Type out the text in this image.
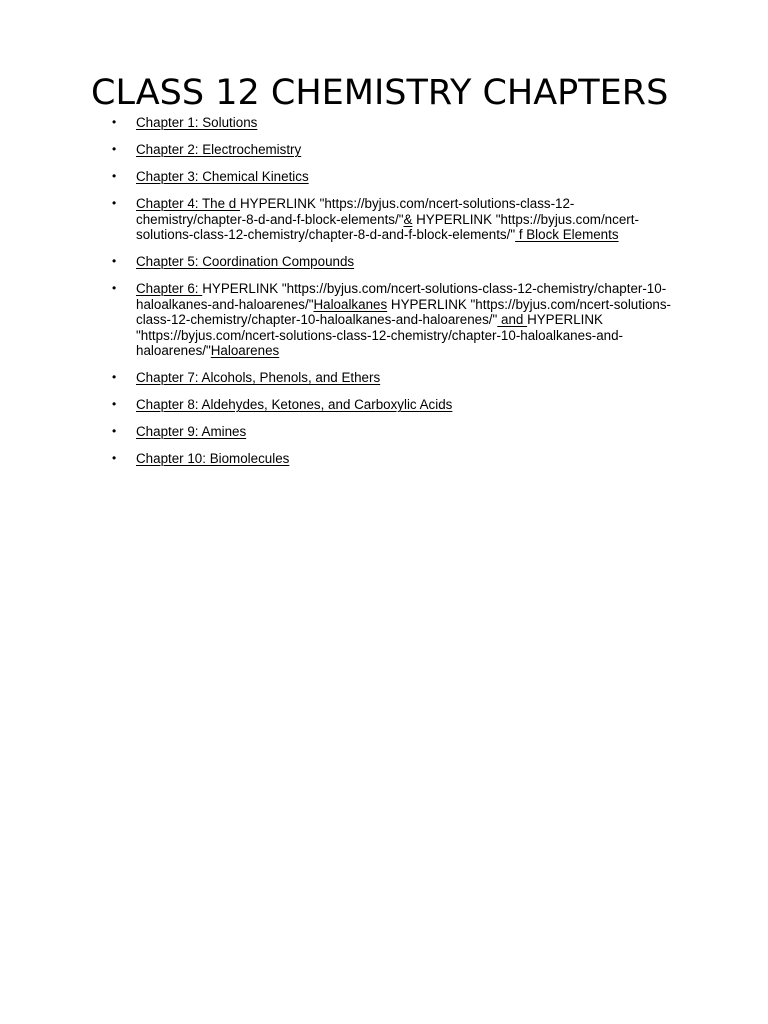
CLASS 12 CHEMISTRY CHAPTERS
• Chapter 1: Solutions
• Chapter 2: Electrochemistry
• Chapter 3: Chemical Kinetics
• Chapter 4: The d HYPERLINK "https://byjus.com/ncert-solutions-class-12-chemistry/chapter-8-d-and-f-block-elements/"& HYPERLINK "https://byjus.com/ncert-solutions-class-12-chemistry/chapter-8-d-and-f-block-elements/" f Block Elements
• Chapter 5: Coordination Compounds
• Chapter 6: HYPERLINK "https://byjus.com/ncert-solutions-class-12-chemistry/chapter-10-haloalkanes-and-haloarenes/"Haloalkanes HYPERLINK "https://byjus.com/ncert-solutions-class-12-chemistry/chapter-10-haloalkanes-and-haloarenes/" and HYPERLINK "https://byjus.com/ncert-solutions-class-12-chemistry/chapter-10-haloalkanes-and-haloarenes/"Haloarenes
• Chapter 7: Alcohols, Phenols, and Ethers
• Chapter 8: Aldehydes, Ketones, and Carboxylic Acids
• Chapter 9: Amines
• Chapter 10: Biomolecules
